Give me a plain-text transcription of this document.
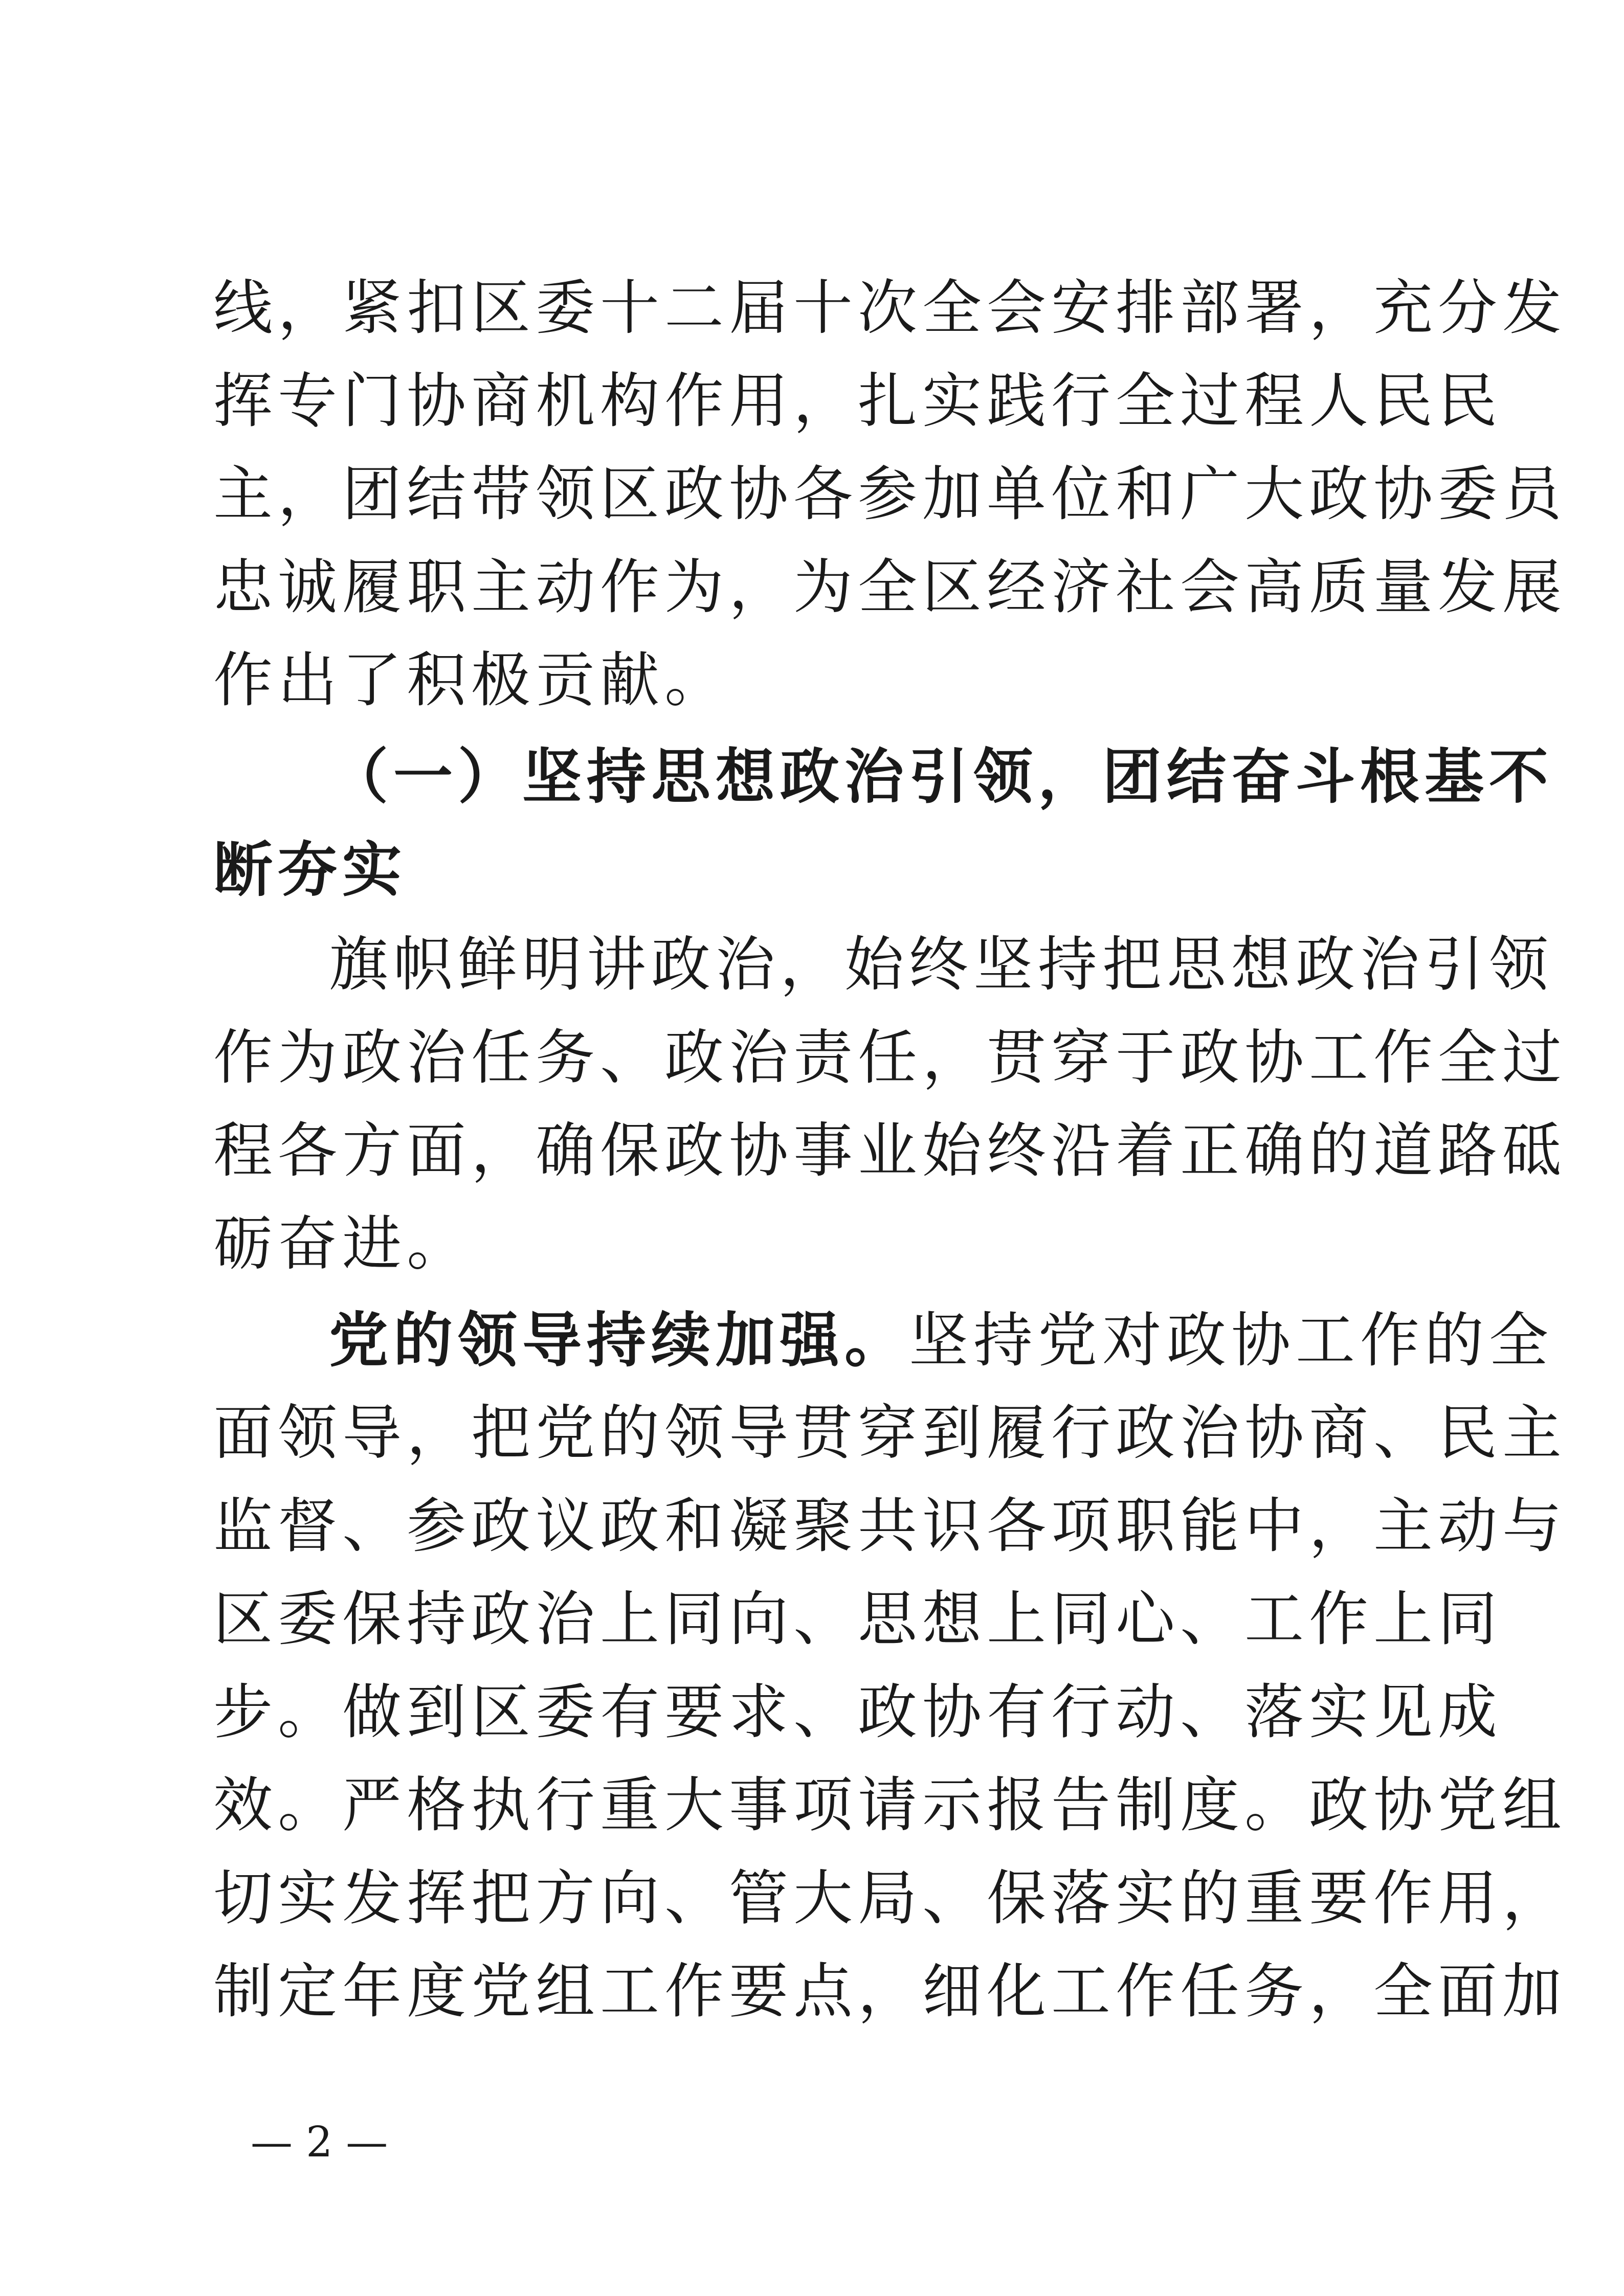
线，紧扣区委十二届十次全会安排部署，充分发
挥专门协商机构作用，扎实践行全过程人民民
主，团结带领区政协各参加单位和广大政协委员
忠诚履职主动作为，为全区经济社会高质量发展
作出了积极贡献。
（一）坚持思想政治引领，团结奋斗根基不
断夯实
旗帜鲜明讲政治，始终坚持把思想政治引领
作为政治任务、政治责任，贯穿于政协工作全过
程各方面，确保政协事业始终沿着正确的道路砥
砺奋进。
党的领导持续加强。坚持党对政协工作的全
面领导，把党的领导贯穿到履行政治协商、民主
监督、参政议政和凝聚共识各项职能中，主动与
区委保持政治上同向、思想上同心、工作上同
步。做到区委有要求、政协有行动、落实见成
效。严格执行重大事项请示报告制度。政协党组
切实发挥把方向、管大局、保落实的重要作用，
制定年度党组工作要点，细化工作任务，全面加
— 2 —
